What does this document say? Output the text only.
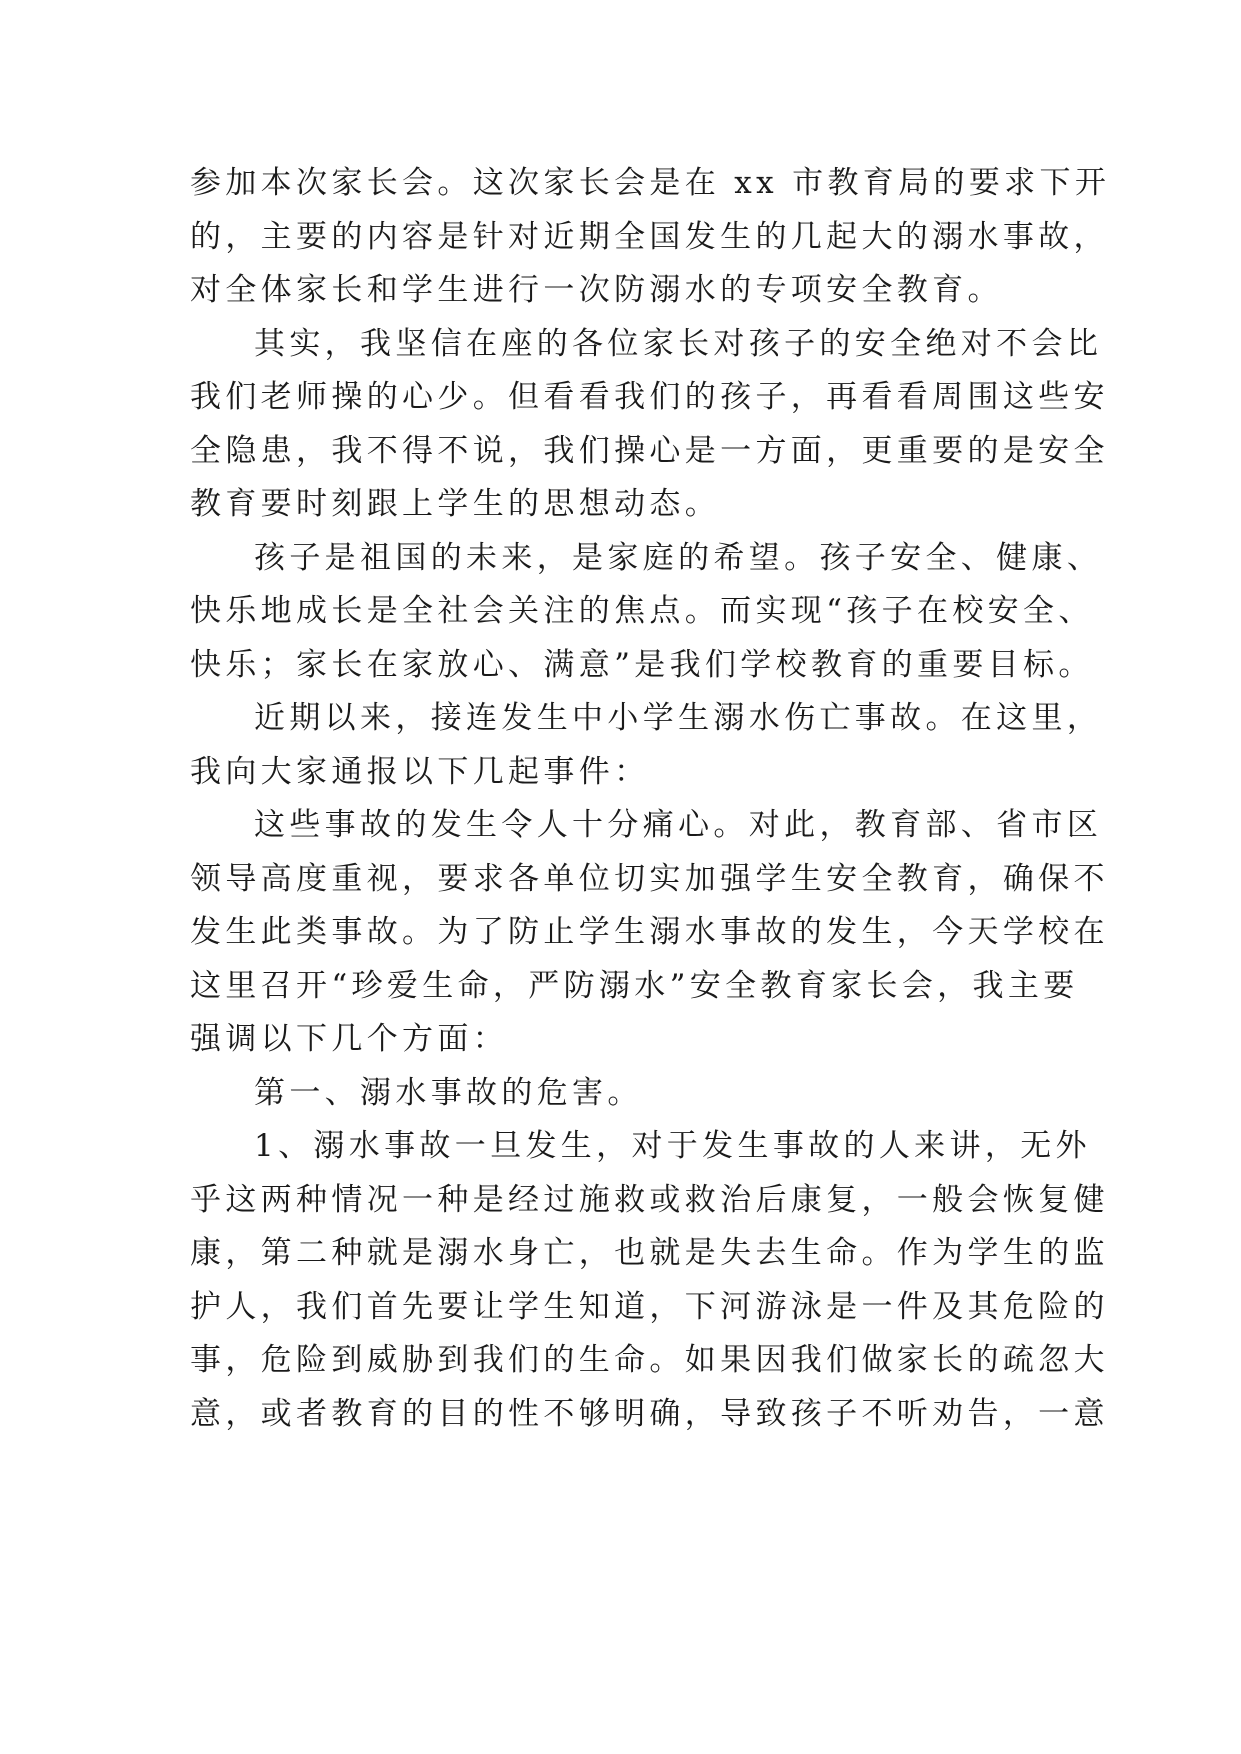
参加本次家长会。这次家长会是在 xx 市教育局的要求下开
的，主要的内容是针对近期全国发生的几起大的溺水事故，
对全体家长和学生进行一次防溺水的专项安全教育。
其实，我坚信在座的各位家长对孩子的安全绝对不会比
我们老师操的心少。但看看我们的孩子，再看看周围这些安
全隐患，我不得不说，我们操心是一方面，更重要的是安全
教育要时刻跟上学生的思想动态。
孩子是祖国的未来，是家庭的希望。孩子安全、健康、
快乐地成长是全社会关注的焦点。而实现“孩子在校安全、
快乐；家长在家放心、满意”是我们学校教育的重要目标。
近期以来，接连发生中小学生溺水伤亡事故。在这里，
我向大家通报以下几起事件：
这些事故的发生令人十分痛心。对此，教育部、省市区
领导高度重视，要求各单位切实加强学生安全教育，确保不
发生此类事故。为了防止学生溺水事故的发生，今天学校在
这里召开“珍爱生命，严防溺水”安全教育家长会，我主要
强调以下几个方面：
第一、溺水事故的危害。
1、溺水事故一旦发生，对于发生事故的人来讲，无外
乎这两种情况一种是经过施救或救治后康复，一般会恢复健
康，第二种就是溺水身亡，也就是失去生命。作为学生的监
护人，我们首先要让学生知道，下河游泳是一件及其危险的
事，危险到威胁到我们的生命。如果因我们做家长的疏忽大
意，或者教育的目的性不够明确，导致孩子不听劝告，一意
